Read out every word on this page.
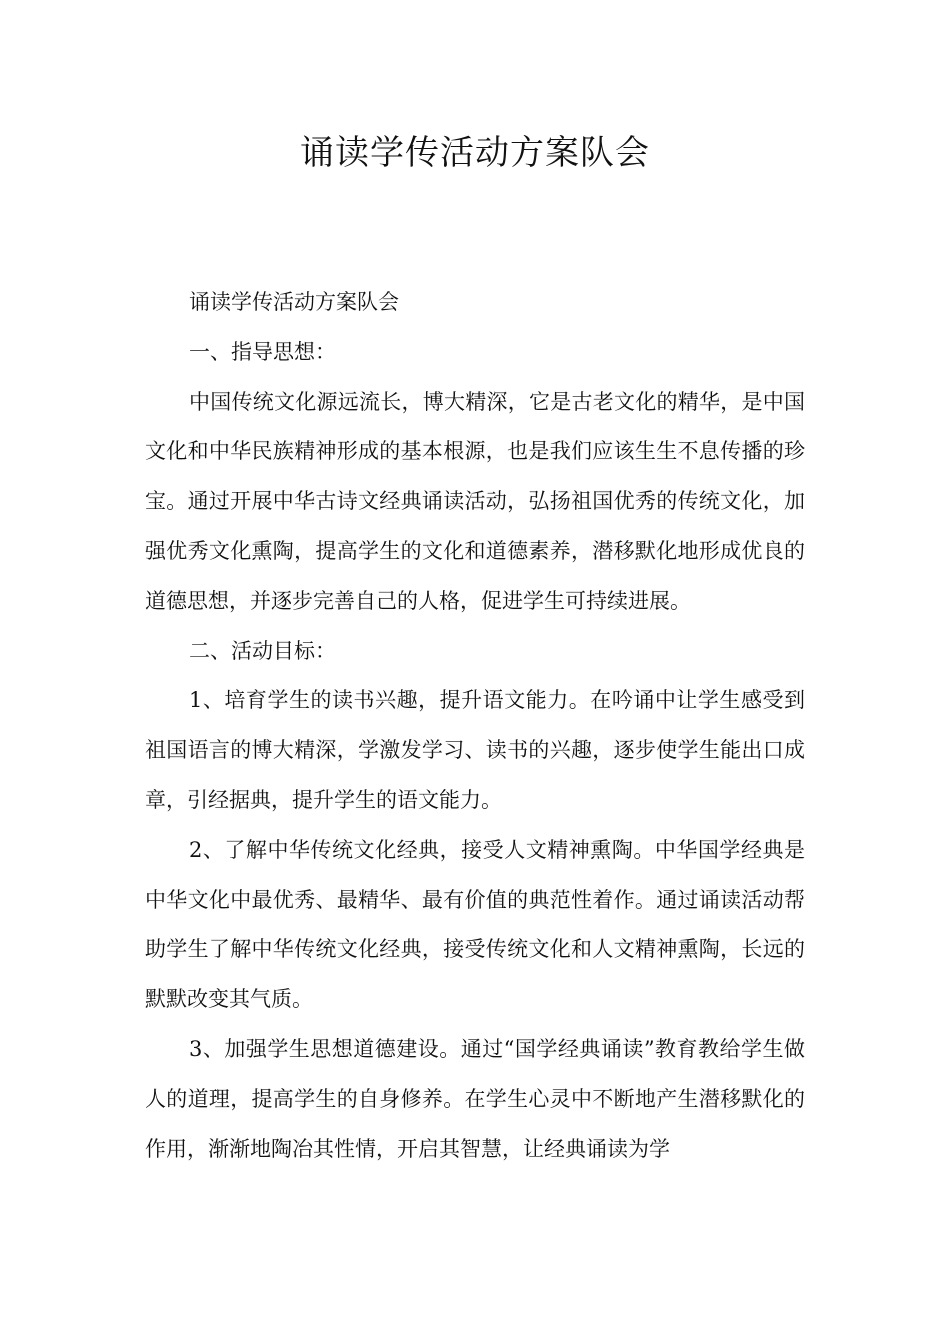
诵读学传活动方案队会

诵读学传活动方案队会

一、指导思想：

中国传统文化源远流长，博大精深，它是古老文化的精华，是中国文化和中华民族精神形成的基本根源，也是我们应该生生不息传播的珍宝。通过开展中华古诗文经典诵读活动，弘扬祖国优秀的传统文化，加强优秀文化熏陶，提高学生的文化和道德素养，潜移默化地形成优良的道德思想，并逐步完善自己的人格，促进学生可持续进展。

二、活动目标：

1、培育学生的读书兴趣，提升语文能力。在吟诵中让学生感受到祖国语言的博大精深，学激发学习、读书的兴趣，逐步使学生能出口成章，引经据典，提升学生的语文能力。

2、了解中华传统文化经典，接受人文精神熏陶。中华国学经典是中华文化中最优秀、最精华、最有价值的典范性着作。通过诵读活动帮助学生了解中华传统文化经典，接受传统文化和人文精神熏陶，长远的默默改变其气质。

3、加强学生思想道德建设。通过“国学经典诵读”教育教给学生做人的道理，提高学生的自身修养。在学生心灵中不断地产生潜移默化的作用，渐渐地陶冶其性情，开启其智慧，让经典诵读为学
